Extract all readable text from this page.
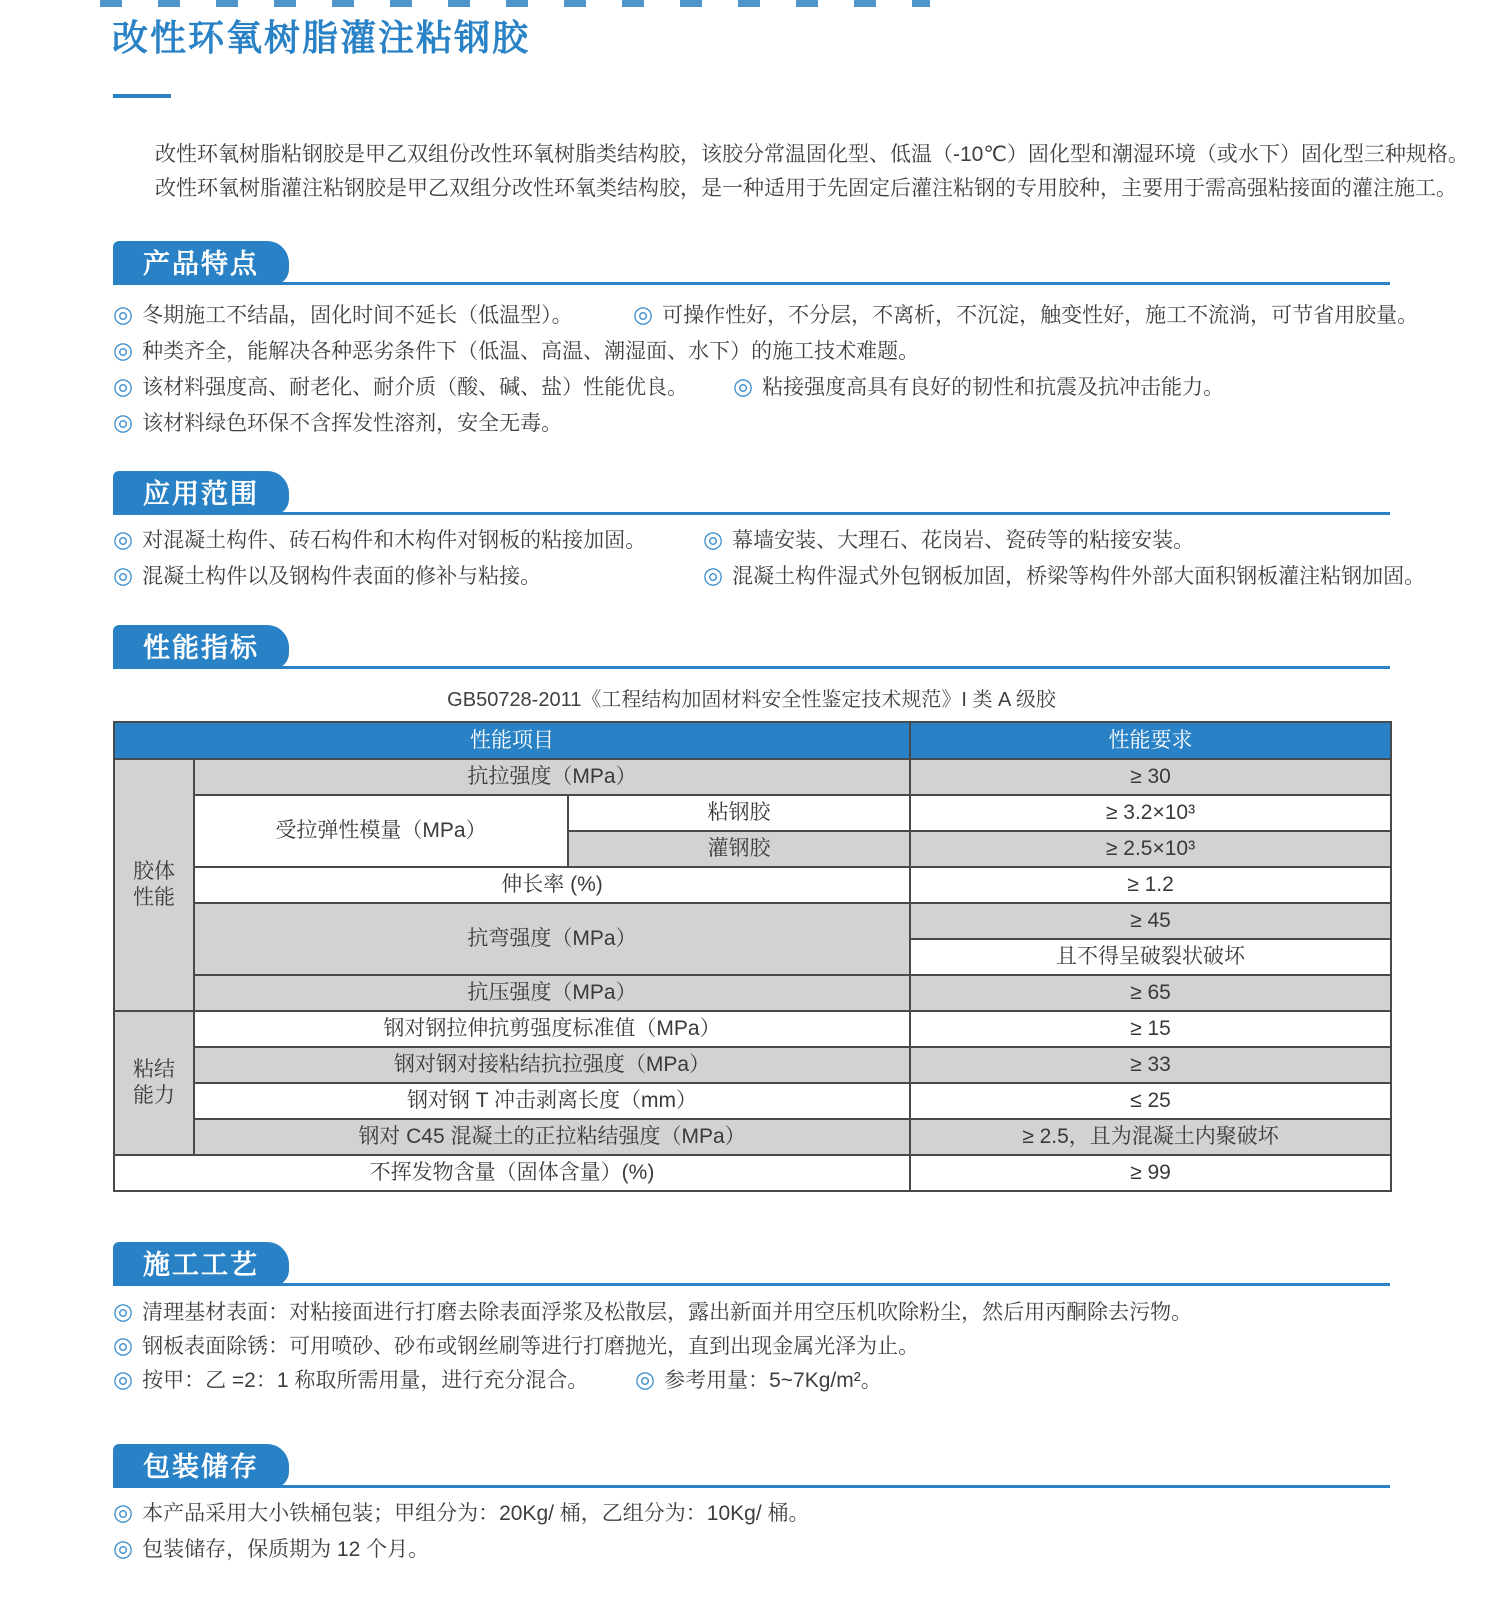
改性环氧树脂灌注粘钢胶

改性环氧树脂粘钢胶是甲乙双组份改性环氧树脂类结构胶，该胶分常温固化型、低温（-10℃）固化型和潮湿环境（或水下）固化型三种规格。

改性环氧树脂灌注粘钢胶是甲乙双组分改性环氧类结构胶，是一种适用于先固定后灌注粘钢的专用胶种，主要用于需高强粘接面的灌注施工。

产品特点
◎ 冬期施工不结晶，固化时间不延长（低温型）。	◎ 可操作性好，不分层，不离析，不沉淀，触变性好，施工不流淌，可节省用胶量。
◎ 种类齐全，能解决各种恶劣条件下（低温、高温、潮湿面、水下）的施工技术难题。
◎ 该材料强度高、耐老化、耐介质（酸、碱、盐）性能优良。 ◎ 粘接强度高具有良好的韧性和抗震及抗冲击能力。
◎ 该材料绿色环保不含挥发性溶剂，安全无毒。
应用范围
◎ 对混凝土构件、砖石构件和木构件对钢板的粘接加固。 ◎ 幕墙安装、大理石、花岗岩、瓷砖等的粘接安装。
◎ 混凝土构件以及钢构件表面的修补与粘接。	◎ 混凝土构件湿式外包钢板加固，桥梁等构件外部大面积钢板灌注粘钢加固。
性能指标
GB50728-2011《工程结构加固材料安全性鉴定技术规范》I 类 A 级胶
性能项目			性能要求
胶体性能	抗拉强度（MPa）		≥ 30
	受拉弹性模量（MPa）	粘钢胶	≥ 3.2×10³
		灌钢胶	≥ 2.5×10³
	伸长率 (%)		≥ 1.2
	抗弯强度（MPa）		≥ 45
			且不得呈破裂状破坏
	抗压强度（MPa）		≥ 65
粘结能力	钢对钢拉伸抗剪强度标准值（MPa）		≥ 15
	钢对钢对接粘结抗拉强度（MPa）		≥ 33
	钢对钢 T 冲击剥离长度（mm）		≤ 25
	钢对 C45 混凝土的正拉粘结强度（MPa）		≥ 2.5，且为混凝土内聚破坏
不挥发物含量（固体含量）(%)			≥ 99
施工工艺
◎ 清理基材表面：对粘接面进行打磨去除表面浮浆及松散层，露出新面并用空压机吹除粉尘，然后用丙酮除去污物。
◎ 钢板表面除锈：可用喷砂、砂布或钢丝刷等进行打磨抛光，直到出现金属光泽为止。
◎ 按甲：乙 =2：1 称取所需用量，进行充分混合。 ◎ 参考用量：5~7Kg/m²。
包装储存
◎ 本产品采用大小铁桶包装；甲组分为：20Kg/ 桶，乙组分为：10Kg/ 桶。
◎ 包装储存，保质期为 12 个月。
